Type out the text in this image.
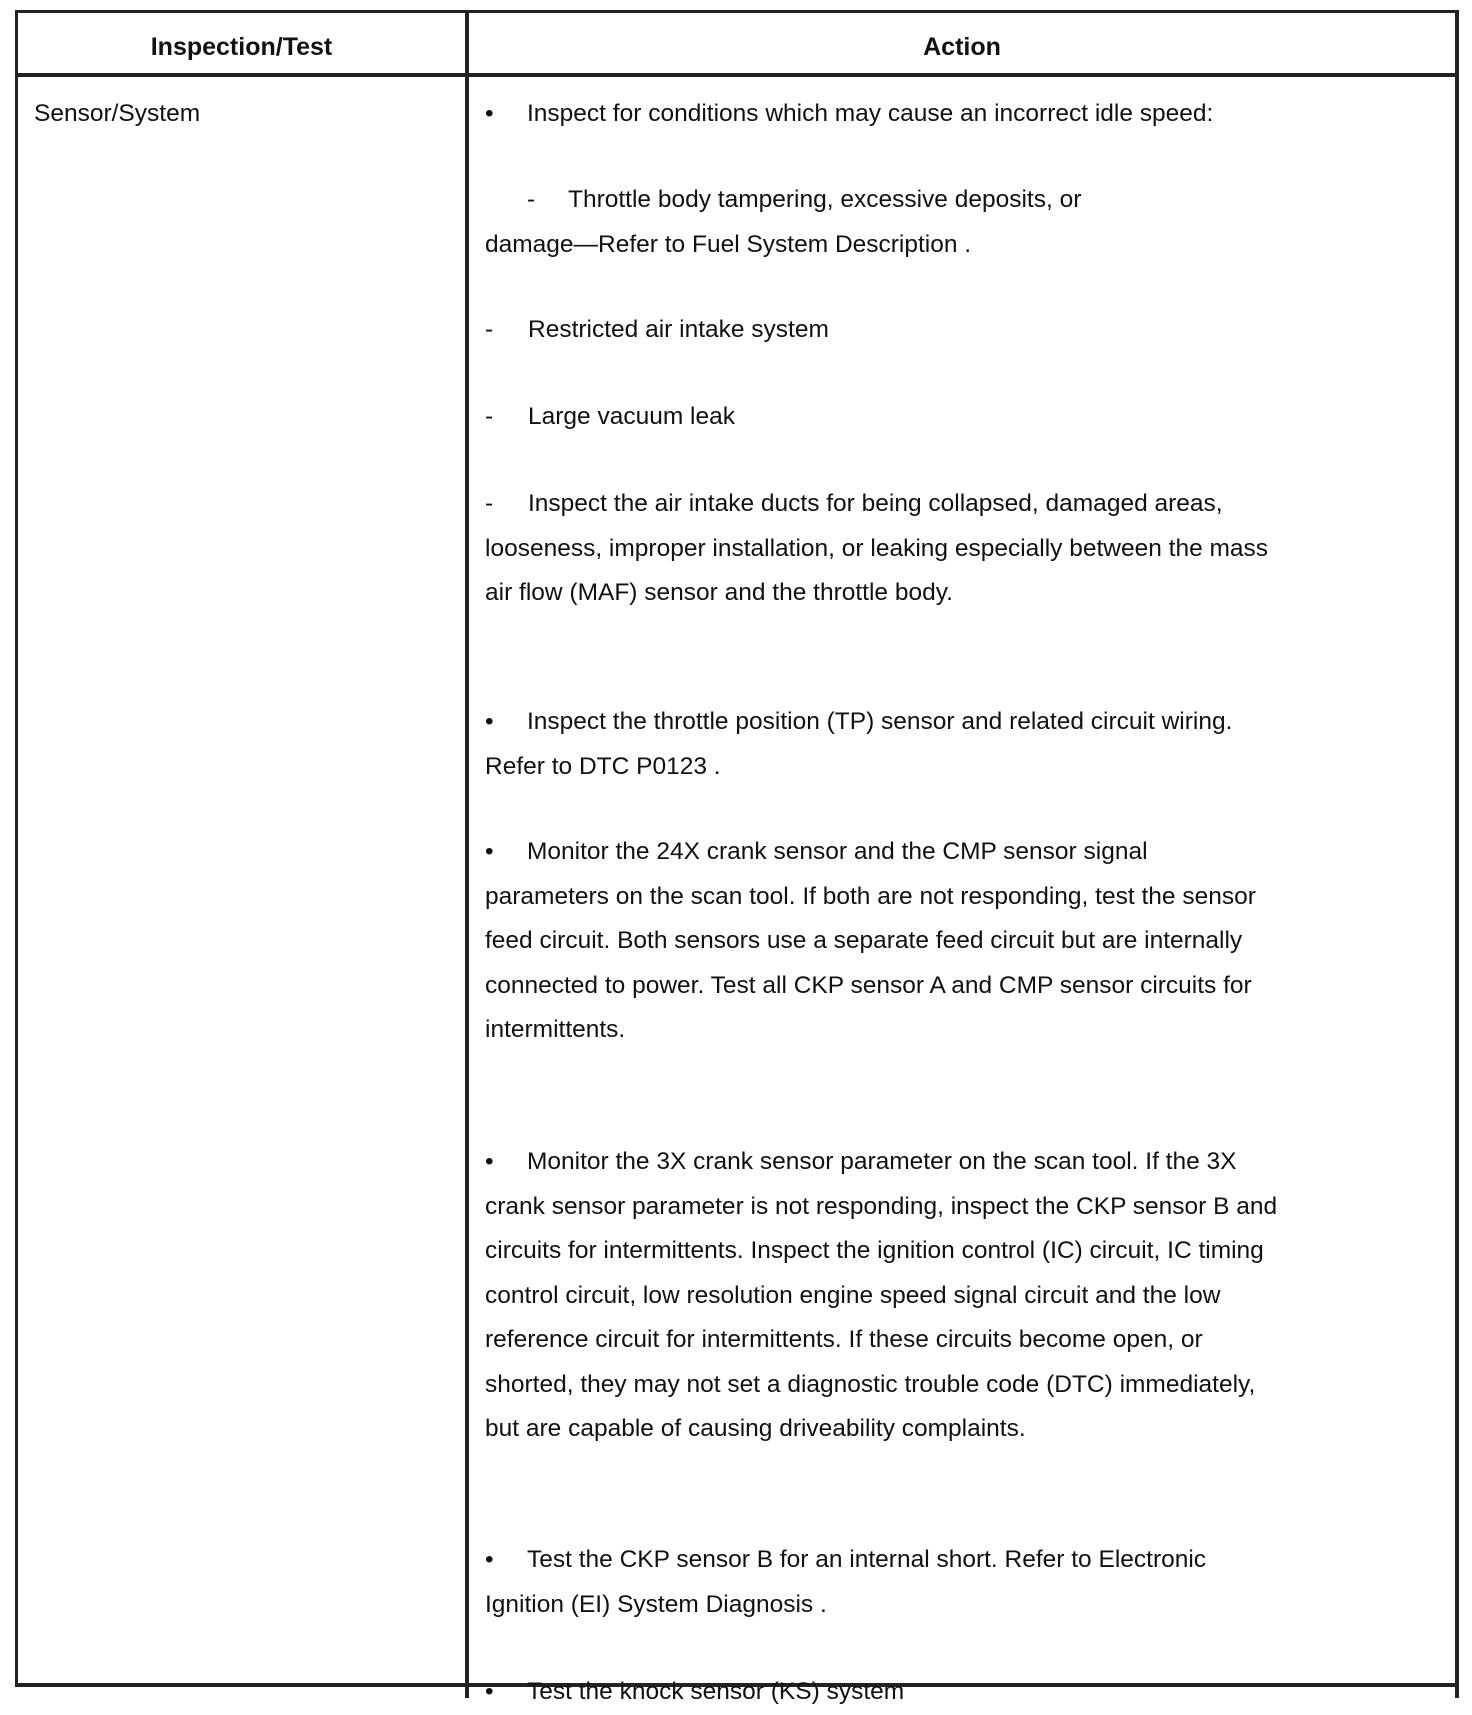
Inspection/Test	Action
Sensor/System	• Inspect for conditions which may cause an incorrect idle speed:
- Throttle body tampering, excessive deposits, or
damage—Refer to Fuel System Description .
- Restricted air intake system
- Large vacuum leak
- Inspect the air intake ducts for being collapsed, damaged areas,
looseness, improper installation, or leaking especially between the mass
air flow (MAF) sensor and the throttle body.
• Inspect the throttle position (TP) sensor and related circuit wiring.
Refer to DTC P0123 .
• Monitor the 24X crank sensor and the CMP sensor signal
parameters on the scan tool. If both are not responding, test the sensor
feed circuit. Both sensors use a separate feed circuit but are internally
connected to power. Test all CKP sensor A and CMP sensor circuits for
intermittents.
• Monitor the 3X crank sensor parameter on the scan tool. If the 3X
crank sensor parameter is not responding, inspect the CKP sensor B and
circuits for intermittents. Inspect the ignition control (IC) circuit, IC timing
control circuit, low resolution engine speed signal circuit and the low
reference circuit for intermittents. If these circuits become open, or
shorted, they may not set a diagnostic trouble code (DTC) immediately,
but are capable of causing driveability complaints.
• Test the CKP sensor B for an internal short. Refer to Electronic
Ignition (EI) System Diagnosis .
• Test the knock sensor (KS) system
